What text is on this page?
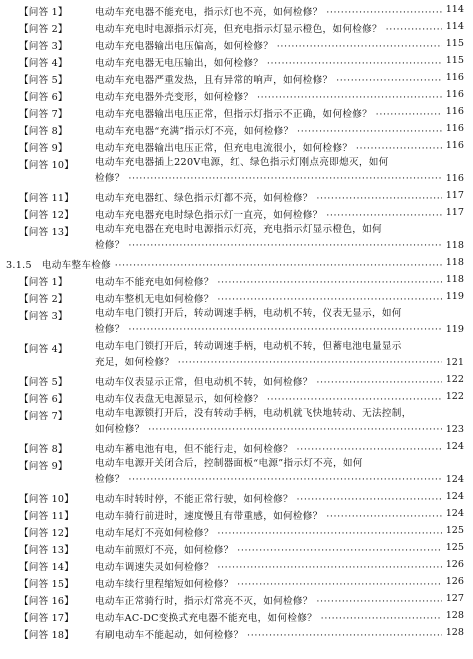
【问答 1】	电动车充电器不能充电，指示灯也不亮，如何检修？ ·····	114
【问答 2】	电动车充电时电源指示灯亮，但充电指示灯显示橙色，如何检修？ ·····	114
【问答 3】	电动车充电器输出电压偏高，如何检修？ ·····	115
【问答 4】	电动车充电器无电压输出，如何检修？ ·····	115
【问答 5】	电动车充电器严重发热，且有异常的响声，如何检修？ ·····	116
【问答 6】	电动车充电器外壳变形，如何检修？ ·····	116
【问答 7】	电动车充电器输出电压正常，但指示灯指示不正确，如何检修？ ·····	116
【问答 8】	电动车充电器“充满”指示灯不亮，如何检修？ ·····	116
【问答 9】	电动车充电器输出电压正常，但充电电流很小，如何检修？ ·····	116
【问答 10】 电动车充电器插上220V电源，红、绿色指示灯刚点亮即熄灭，如何
检修？ ·····	116
【问答 11】 电动车充电器红、绿色指示灯都不亮，如何检修？ ·····	117
【问答 12】 电动车充电器充电时绿色指示灯一直亮，如何检修？ ·····	117
【问答 13】 电动车充电器在充电时电源指示灯亮，充电指示灯显示橙色，如何
检修？ ·····	118
3.1.5　电动车整车检修 ·····	118
【问答 1】	电动车不能充电如何检修？ ·····	118
【问答 2】	电动车整机无电如何检修？ ·····	119
【问答 3】	电动车电门锁打开后，转动调速手柄，电动机不转，仪表无显示，如何
检修？ ·····	119
【问答 4】	电动车电门锁打开后，转动调速手柄，电动机不转，但蓄电池电量显示
充足，如何检修？ ·····	121
【问答 5】	电动车仪表显示正常，但电动机不转，如何检修？ ·····	122
【问答 6】	电动车仪表盘无电源显示，如何检修？ ·····	122
【问答 7】	电动车电源锁打开后，没有转动手柄，电动机就飞快地转动、无法控制，
如何检修？ ·····	123
【问答 8】	电动车蓄电池有电，但不能行走，如何检修？ ·····	124
【问答 9】	电动车电源开关闭合后，控制器面板“电源”指示灯不亮，如何
检修？ ·····	124
【问答 10】 电动车时转时停，不能正常行驶，如何检修？ ·····	124
【问答 11】 电动车骑行前进时，速度慢且有带重感，如何检修？ ·····	124
【问答 12】 电动车尾灯不亮如何检修？ ·····	125
【问答 13】 电动车前照灯不亮，如何检修？ ·····	125
【问答 14】 电动车调速失灵如何检修？ ·····	126
【问答 15】 电动车续行里程缩短如何检修？ ·····	126
【问答 16】 电动车正常骑行时，指示灯常亮不灭，如何检修？ ·····	127
【问答 17】 电动车AC-DC变换式充电器不能充电，如何检修？ ·····	128
【问答 18】 有刷电动车不能起动，如何检修？ ·····	128
